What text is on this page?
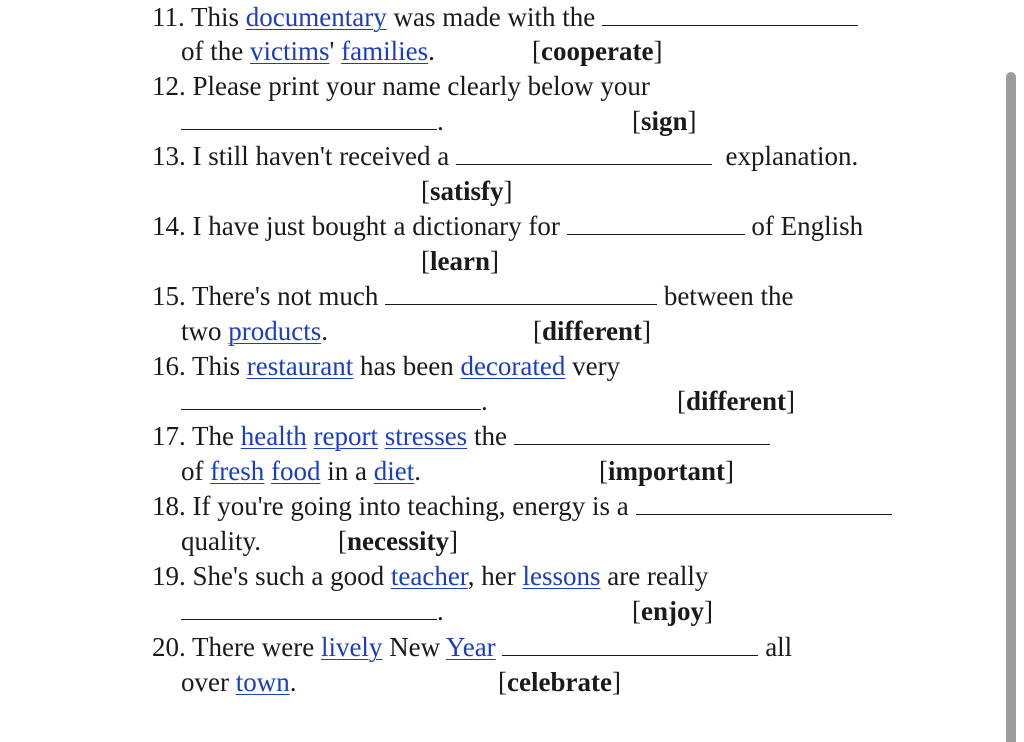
11. This documentary was made with the
of the victims' families.	[cooperate]
12. Please print your name clearly below your
.	[sign]
13. I still haven't received a	explanation.
[satisfy]
14. I have just bought a dictionary for	of English
[learn]
15. There's not much	between the
two products.	[different]
16. This restaurant has been decorated very
.	[different]
17. The health report stresses the
of fresh food in a diet.	[important]
18. If you're going into teaching, energy is a
quality.	[necessity]
19. She's such a good teacher, her lessons are really
.	[enjoy]
20. There were lively New Year	all
over town.	[celebrate]
